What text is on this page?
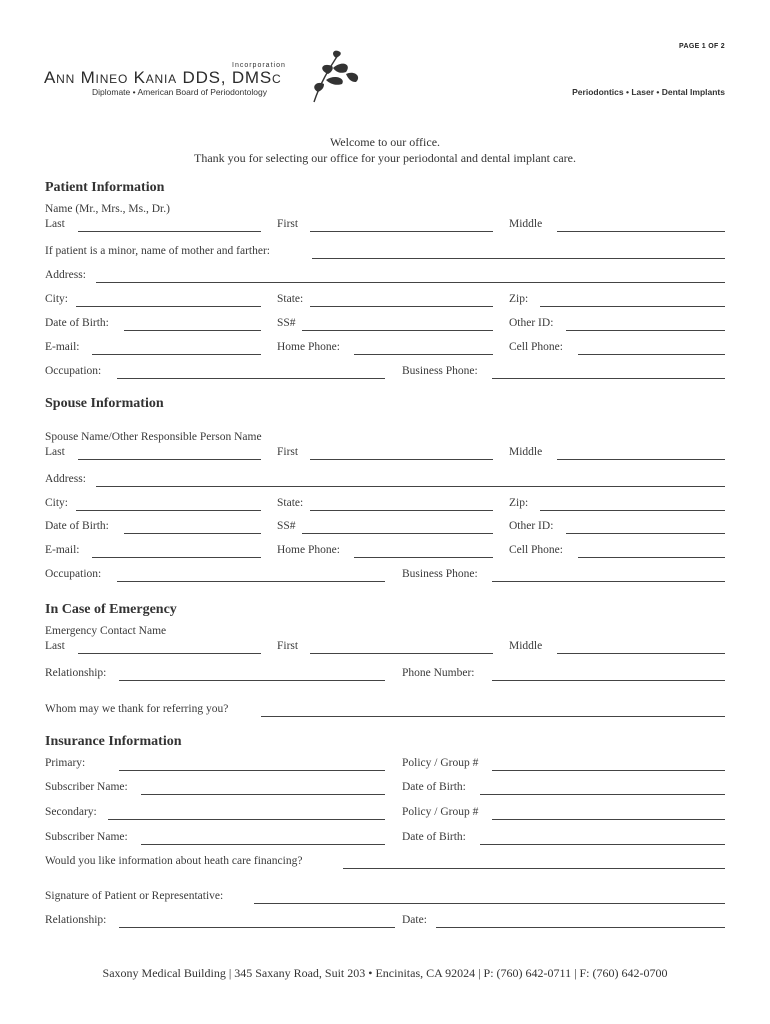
PAGE 1 OF 2
Incorporation
Ann Mineo Kania DDS, DMSc
Diplomate • American Board of Periodontology	Periodontics • Laser • Dental Implants
Welcome to our office.
Thank you for selecting our office for your periodontal and dental implant care.
Patient Information
Name (Mr., Mrs., Ms., Dr.)
Last	First	Middle
If patient is a minor, name of mother and farther:
Address:
City:	State:	Zip:
Date of Birth:	SS#	Other ID:
E-mail:	Home Phone:	Cell Phone:
Occupation:	Business Phone:
Spouse Information
Spouse Name/Other Responsible Person Name
Last	First	Middle
Address:
City:	State:	Zip:
Date of Birth:	SS#	Other ID:
E-mail:	Home Phone:	Cell Phone:
Occupation:	Business Phone:
In Case of Emergency
Emergency Contact Name
Last	First	Middle
Relationship:	Phone Number:
Whom may we thank for referring you?
Insurance Information
Primary:	Policy / Group #
Subscriber Name:	Date of Birth:
Secondary:	Policy / Group #
Subscriber Name:	Date of Birth:
Would you like information about heath care financing?
Signature of Patient or Representative:
Relationship:	Date:
Saxony Medical Building | 345 Saxany Road, Suit 203 • Encinitas, CA 92024 | P: (760) 642-0711 | F: (760) 642-0700
